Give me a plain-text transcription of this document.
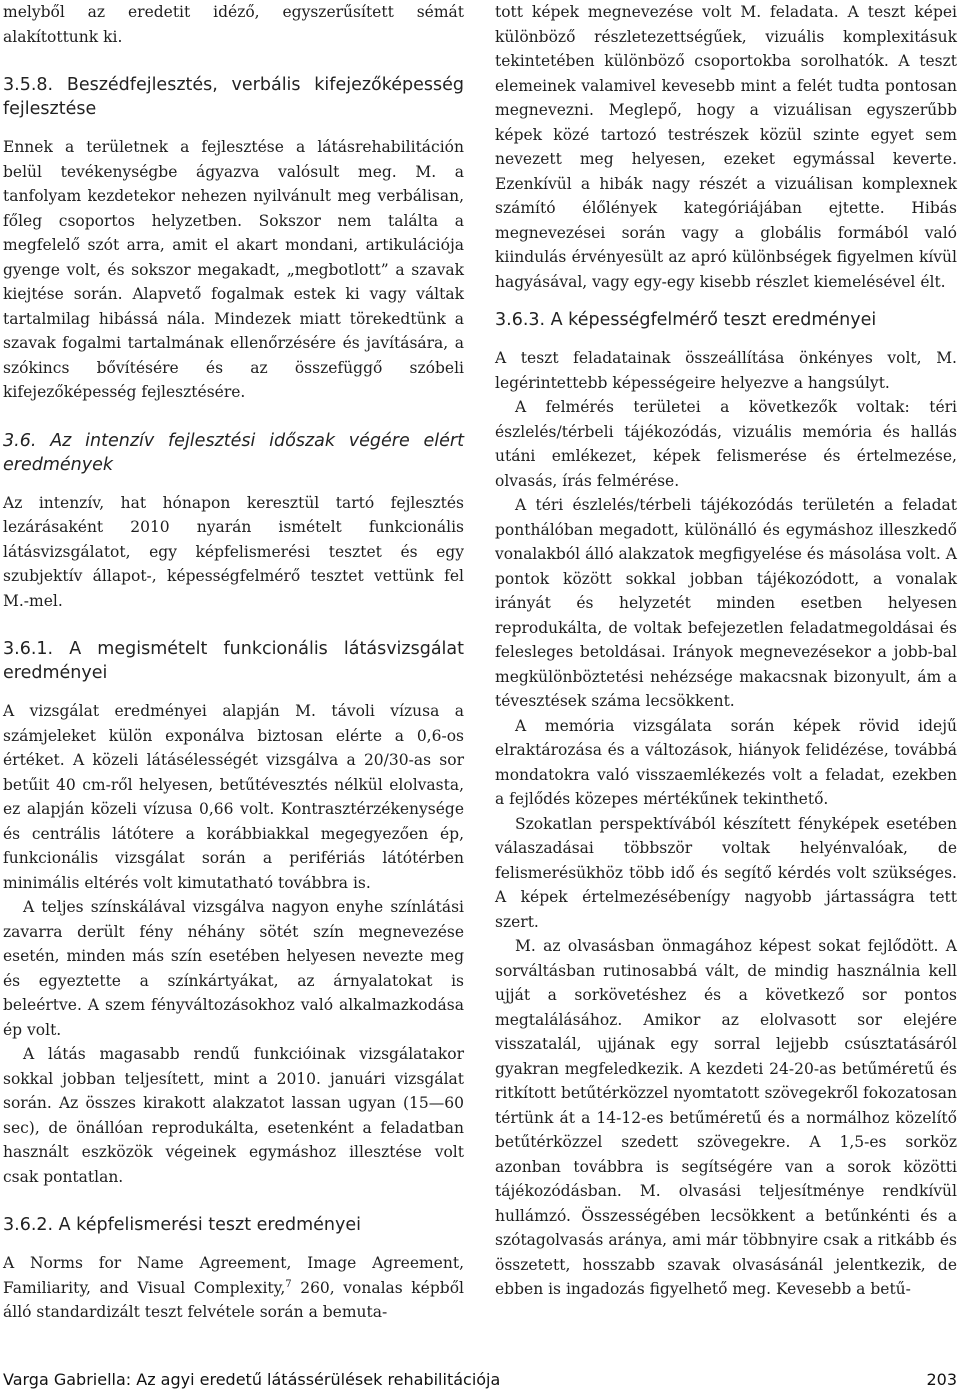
melyből az eredetit idéző, egyszerűsített sémát alakítottunk ki.

3.5.8. Beszédfejlesztés, verbális kifejezőképesség fejlesztése

Ennek a területnek a fejlesztése a látásrehabilitáción belül tevékenységbe ágyazva valósult meg. M. a tanfolyam kezdetekor nehezen nyilvánult meg verbálisan, főleg csoportos helyzetben. Sokszor nem találta a megfelelő szót arra, amit el akart mondani, artikulációja gyenge volt, és sokszor megakadt, „megbotlott” a szavak kiejtése során. Alapvető fogalmak estek ki vagy váltak tartalmilag hibássá nála. Mindezek miatt törekedtünk a szavak fogalmi tartalmának ellenőrzésére és javítására, a szókincs bővítésére és az összefüggő szóbeli kifejezőképesség fejlesztésére.

3.6. Az intenzív fejlesztési időszak végére elért eredmények

Az intenzív, hat hónapon keresztül tartó fejlesztés lezárásaként 2010 nyarán ismételt funkcionális látásvizsgálatot, egy képfelismerési tesztet és egy szubjektív állapot-, képességfelmérő tesztet vettünk fel M.-mel.

3.6.1. A megismételt funkcionális látásvizsgálat eredményei

A vizsgálat eredményei alapján M. távoli vízusa a számjeleket külön exponálva biztosan elérte a 0,6-os értéket. A közeli látásélességét vizsgálva a 20/30-as sor betűit 40 cm-ről helyesen, betűtévesztés nélkül elolvasta, ez alapján közeli vízusa 0,66 volt. Kontrasztérzékenysége és centrális látótere a korábbiakkal megegyezően ép, funkcionális vizsgálat során a perifériás látótérben minimális eltérés volt kimutatható továbbra is.

A teljes színskálával vizsgálva nagyon enyhe színlátási zavarra derült fény néhány sötét szín megnevezése esetén, minden más szín esetében helyesen nevezte meg és egyeztette a színkártyákat, az árnyalatokat is beleértve. A szem fényváltozásokhoz való alkalmazkodása ép volt.

A látás magasabb rendű funkcióinak vizsgálatakor sokkal jobban teljesített, mint a 2010. januári vizsgálat során. Az összes kirakott alakzatot lassan ugyan (15—60 sec), de önállóan reprodukálta, esetenként a feladatban használt eszközök végeinek egymáshoz illesztése volt csak pontatlan.

3.6.2. A képfelismerési teszt eredményei

A Norms for Name Agreement, Image Agreement, Familiarity, and Visual Complexity,$^7$ 260, vonalas képből álló standardizált teszt felvétele során a bemuta-

tott képek megnevezése volt M. feladata. A teszt képei különböző részletezettségűek, vizuális komplexitásuk tekintetében különböző csoportokba sorolhatók. A teszt elemeinek valamivel kevesebb mint a felét tudta pontosan megnevezni. Meglepő, hogy a vizuálisan egyszerűbb képek közé tartozó testrészek közül szinte egyet sem nevezett meg helyesen, ezeket egymással keverte. Ezenkívül a hibák nagy részét a vizuálisan komplexnek számító élőlények kategóriájában ejtette. Hibás megnevezései során vagy a globális formából való kiindulás érvényesült az apró különbségek figyelmen kívül hagyásával, vagy egy-egy kisebb részlet kiemelésével élt.

3.6.3. A képességfelmérő teszt eredményei

A teszt feladatainak összeállítása önkényes volt, M. legérintettebb képességeire helyezve a hangsúlyt.

A felmérés területei a következők voltak: téri észlelés/térbeli tájékozódás, vizuális memória és hallás utáni emlékezet, képek felismerése és értelmezése, olvasás, írás felmérése.

A téri észlelés/térbeli tájékozódás területén a feladat ponthálóban megadott, különálló és egymáshoz illeszkedő vonalakból álló alakzatok megfigyelése és másolása volt. A pontok között sokkal jobban tájékozódott, a vonalak irányát és helyzetét minden esetben helyesen reprodukálta, de voltak befejezetlen feladatmegoldásai és felesleges betoldásai. Irányok megnevezésekor a jobb-bal megkülönböztetési nehézsége makacsnak bizonyult, ám a tévesztések száma lecsökkent.

A memória vizsgálata során képek rövid idejű elraktározása és a változások, hiányok felidézése, továbbá mondatokra való visszaemlékezés volt a feladat, ezekben a fejlődés közepes mértékűnek tekinthető.

Szokatlan perspektívából készített fényképek esetében válaszadásai többször voltak helyénvalóak, de felismerésükhöz több idő és segítő kérdés volt szükséges. A képek értelmezésébenígy nagyobb jártasságra tett szert.

M. az olvasásban önmagához képest sokat fejlődött. A sorváltásban rutinosabbá vált, de mindig használnia kell ujját a sorkövetéshez és a következő sor pontos megtalálásához. Amikor az elolvasott sor elejére visszatalál, ujjának egy sorral lejjebb csúsztatásáról gyakran megfeledkezik. A kezdeti 24-20-as betűméretű és ritkított betűtérközzel nyomtatott szövegekről fokozatosan tértünk át a 14-12-es betűméretű és a normálhoz közelítő betűtérközzel szedett szövegekre. A 1,5-es sorköz azonban továbbra is segítségére van a sorok közötti tájékozódásban. M. olvasási teljesítménye rendkívül hullámzó. Összességében lecsökkent a betűnkénti és a szótagolvasás aránya, ami már többnyire csak a ritkább és összetett, hosszabb szavak olvasásánál jelentkezik, de ebben is ingadozás figyelhető meg. Kevesebb a betű-

Varga Gabriella: Az agyi eredetű látássérülések rehabilitációja	203
